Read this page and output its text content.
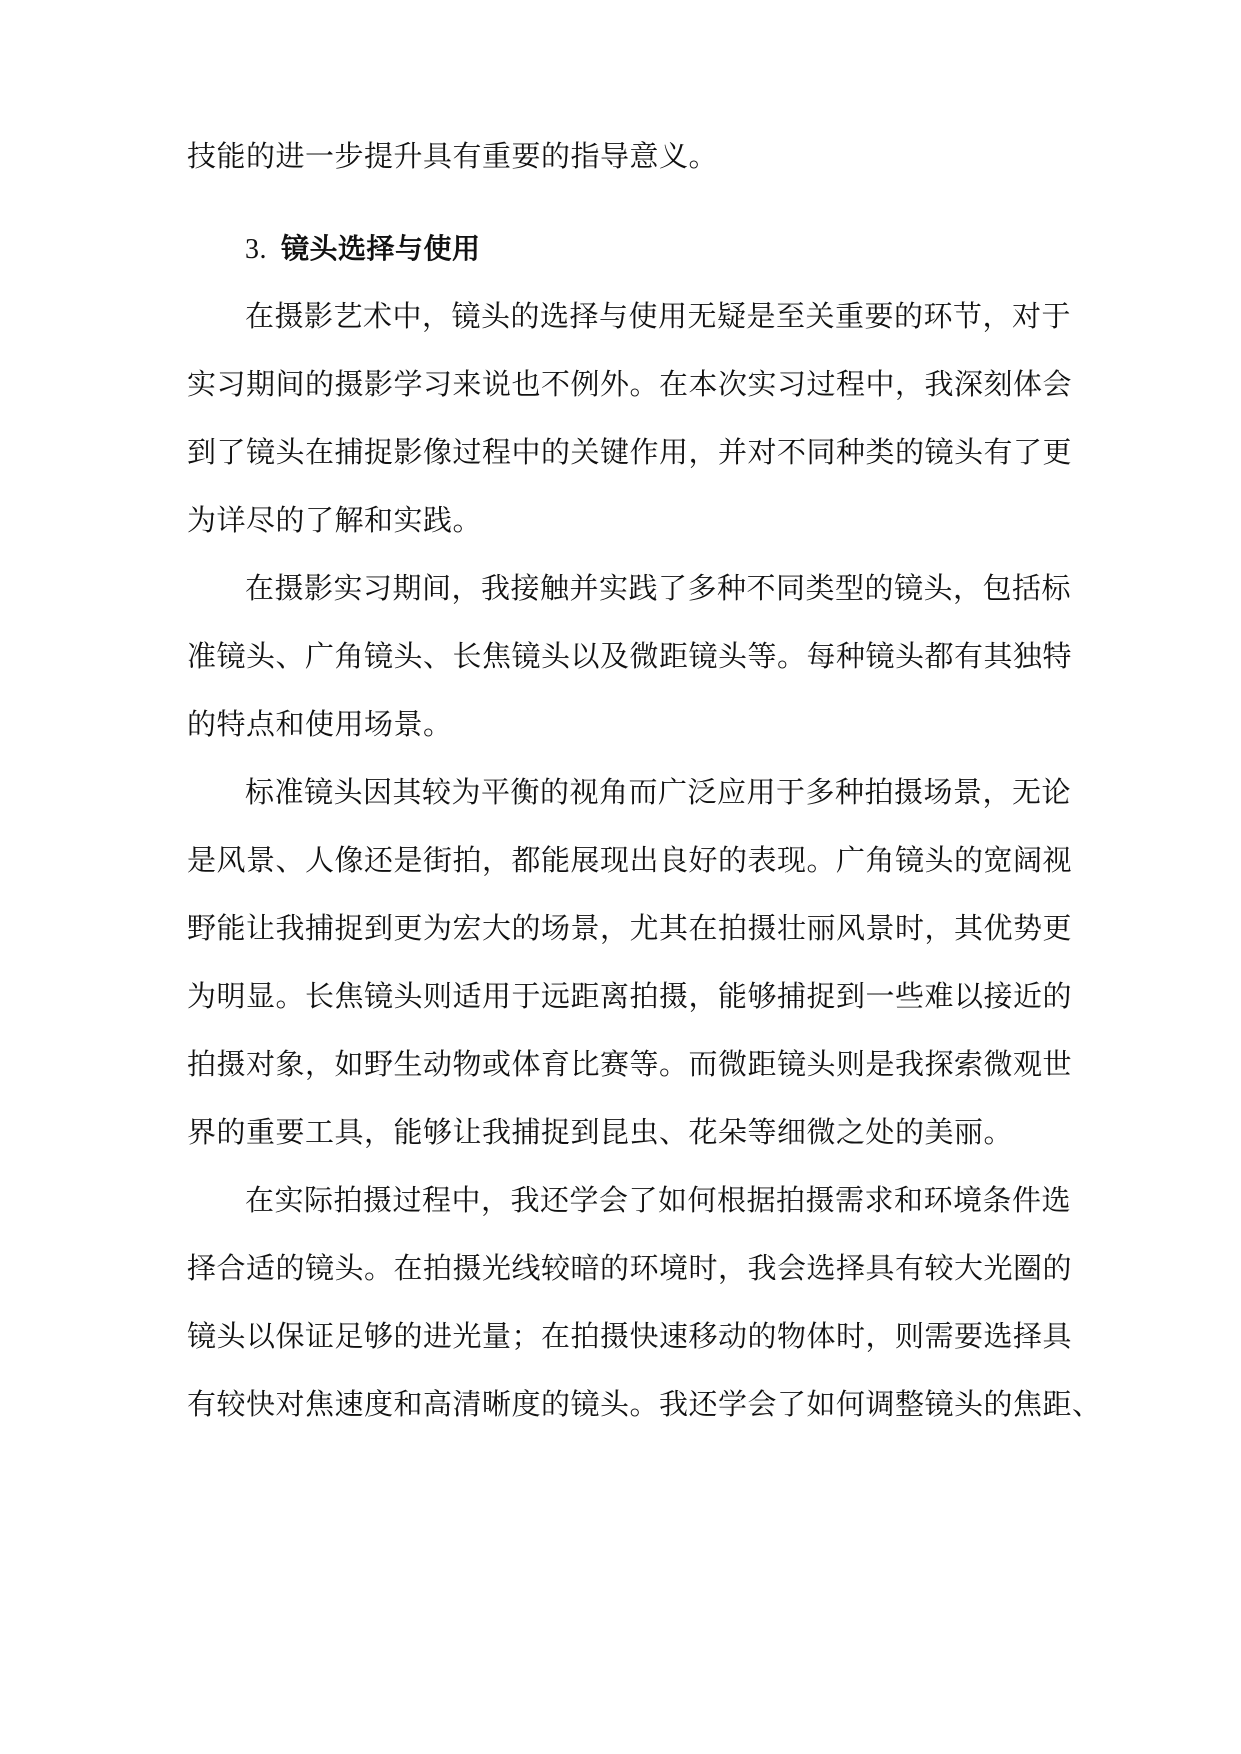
技能的进一步提升具有重要的指导意义。
3. 镜头选择与使用
在摄影艺术中，镜头的选择与使用无疑是至关重要的环节，对于
实习期间的摄影学习来说也不例外。在本次实习过程中，我深刻体会
到了镜头在捕捉影像过程中的关键作用，并对不同种类的镜头有了更
为详尽的了解和实践。
在摄影实习期间，我接触并实践了多种不同类型的镜头，包括标
准镜头、广角镜头、长焦镜头以及微距镜头等。每种镜头都有其独特
的特点和使用场景。
标准镜头因其较为平衡的视角而广泛应用于多种拍摄场景，无论
是风景、人像还是街拍，都能展现出良好的表现。广角镜头的宽阔视
野能让我捕捉到更为宏大的场景，尤其在拍摄壮丽风景时，其优势更
为明显。长焦镜头则适用于远距离拍摄，能够捕捉到一些难以接近的
拍摄对象，如野生动物或体育比赛等。而微距镜头则是我探索微观世
界的重要工具，能够让我捕捉到昆虫、花朵等细微之处的美丽。
在实际拍摄过程中，我还学会了如何根据拍摄需求和环境条件选
择合适的镜头。在拍摄光线较暗的环境时，我会选择具有较大光圈的
镜头以保证足够的进光量；在拍摄快速移动的物体时，则需要选择具
有较快对焦速度和高清晰度的镜头。我还学会了如何调整镜头的焦距、
